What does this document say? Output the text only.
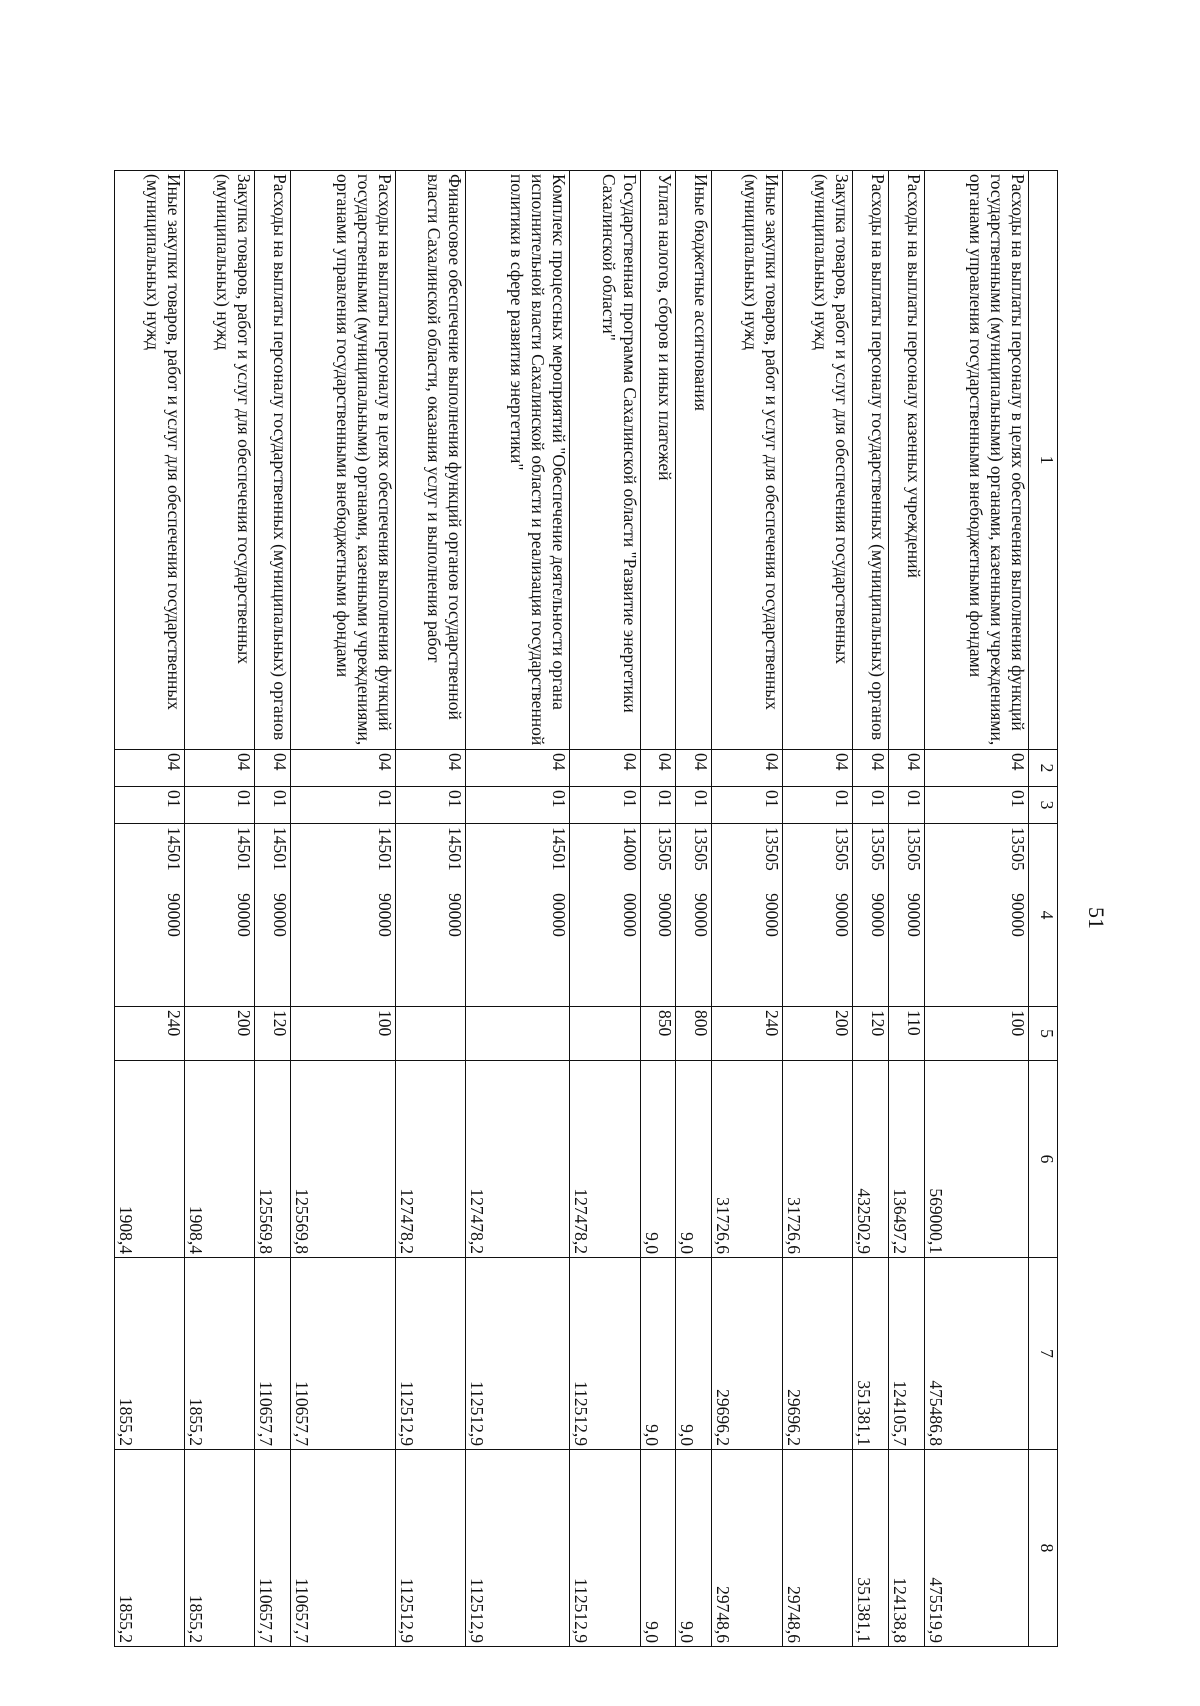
51
1	2	3	4	5	6	7	8
Расходы на выплаты персоналу в целях обеспечения выполнения функций государственными (муниципальными) органами, казенными учреждениями, органами управления государственными внебюджетными фондами	04	01	13505 90000	100	569000,1	475486,8	475519,9
Расходы на выплаты персоналу казенных учреждений	04	01	13505 90000	110	136497,2	124105,7	124138,8
Расходы на выплаты персоналу государственных (муниципальных) органов	04	01	13505 90000	120	432502,9	351381,1	351381,1
Закупка товаров, работ и услуг для обеспечения государственных (муниципальных) нужд	04	01	13505 90000	200	31726,6	29696,2	29748,6
Иные закупки товаров, работ и услуг для обеспечения государственных (муниципальных) нужд	04	01	13505 90000	240	31726,6	29696,2	29748,6
Иные бюджетные ассигнования	04	01	13505 90000	800	9,0	9,0	9,0
Уплата налогов, сборов и иных платежей	04	01	13505 90000	850	9,0	9,0	9,0
Государственная программа Сахалинской области "Развитие энергетики Сахалинской области"	04	01	14000 00000		127478,2	112512,9	112512,9
Комплекс процессных мероприятий "Обеспечение деятельности органа исполнительной власти Сахалинской области и реализация государственной политики в сфере развития энергетики"	04	01	14501 00000		127478,2	112512,9	112512,9
Финансовое обеспечение выполнения функций органов государственной власти Сахалинской области, оказания услуг и выполнения работ	04	01	14501 90000		127478,2	112512,9	112512,9
Расходы на выплаты персоналу в целях обеспечения выполнения функций государственными (муниципальными) органами, казенными учреждениями, органами управления государственными внебюджетными фондами	04	01	14501 90000	100	125569,8	110657,7	110657,7
Расходы на выплаты персоналу государственных (муниципальных) органов	04	01	14501 90000	120	125569,8	110657,7	110657,7
Закупка товаров, работ и услуг для обеспечения государственных (муниципальных) нужд	04	01	14501 90000	200	1908,4	1855,2	1855,2
Иные закупки товаров, работ и услуг для обеспечения государственных (муниципальных) нужд	04	01	14501 90000	240	1908,4	1855,2	1855,2
